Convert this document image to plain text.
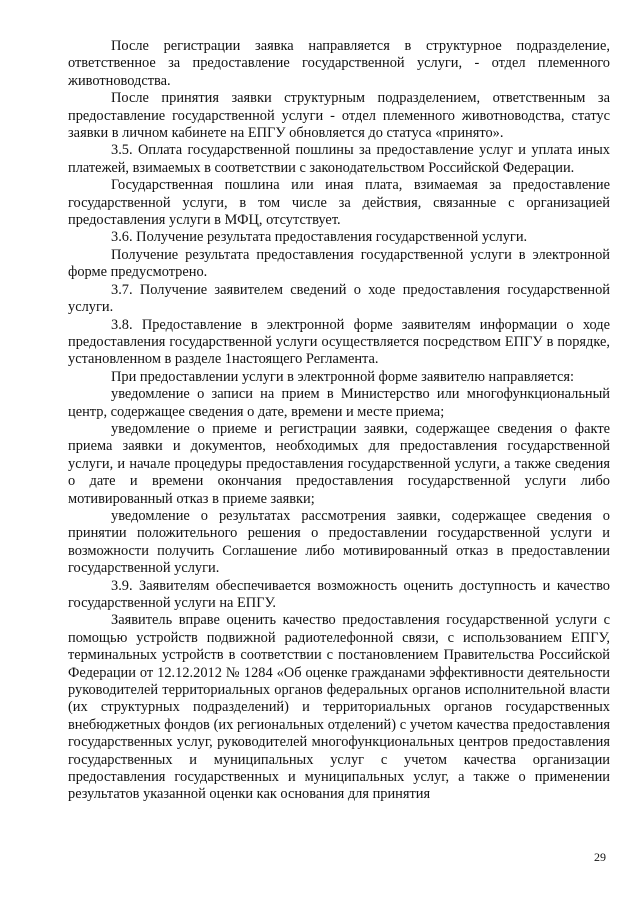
После регистрации заявка направляется в структурное подразделение, ответственное за предоставление государственной услуги, - отдел племенного животноводства.

После принятия заявки структурным подразделением, ответственным за предоставление государственной услуги - отдел племенного животноводства, статус заявки в личном кабинете на ЕПГУ обновляется до статуса «принято».

3.5. Оплата государственной пошлины за предоставление услуг и уплата иных платежей, взимаемых в соответствии с законодательством Российской Федерации.

Государственная пошлина или иная плата, взимаемая за предоставление государственной услуги, в том числе за действия, связанные с организацией предоставления услуги в МФЦ, отсутствует.

3.6. Получение результата предоставления государственной услуги.

Получение результата предоставления государственной услуги в электронной форме предусмотрено.

3.7. Получение заявителем сведений о ходе предоставления государственной услуги.

3.8. Предоставление в электронной форме заявителям информации о ходе предоставления государственной услуги осуществляется посредством ЕПГУ в порядке, установленном в разделе 1настоящего Регламента.

При предоставлении услуги в электронной форме заявителю направляется:

уведомление о записи на прием в Министерство или многофункциональный центр, содержащее сведения о дате, времени и месте приема;

уведомление о приеме и регистрации заявки, содержащее сведения о факте приема заявки и документов, необходимых для предоставления государственной услуги, и начале процедуры предоставления государственной услуги, а также сведения о дате и времени окончания предоставления государственной услуги либо мотивированный отказ в приеме заявки;

уведомление о результатах рассмотрения заявки, содержащее сведения о принятии положительного решения о предоставлении государственной услуги и возможности получить Соглашение либо мотивированный отказ в предоставлении государственной услуги.

3.9. Заявителям обеспечивается возможность оценить доступность и качество государственной услуги на ЕПГУ.

Заявитель вправе оценить качество предоставления государственной услуги с помощью устройств подвижной радиотелефонной связи, с использованием ЕПГУ, терминальных устройств в соответствии с постановлением Правительства Российской Федерации от 12.12.2012 № 1284 «Об оценке гражданами эффективности деятельности руководителей территориальных органов федеральных органов исполнительной власти (их структурных подразделений) и территориальных органов государственных внебюджетных фондов (их региональных отделений) с учетом качества предоставления государственных услуг, руководителей многофункциональных центров предоставления государственных и муниципальных услуг с учетом качества организации предоставления государственных и муниципальных услуг, а также о применении результатов указанной оценки как основания для принятия

29
